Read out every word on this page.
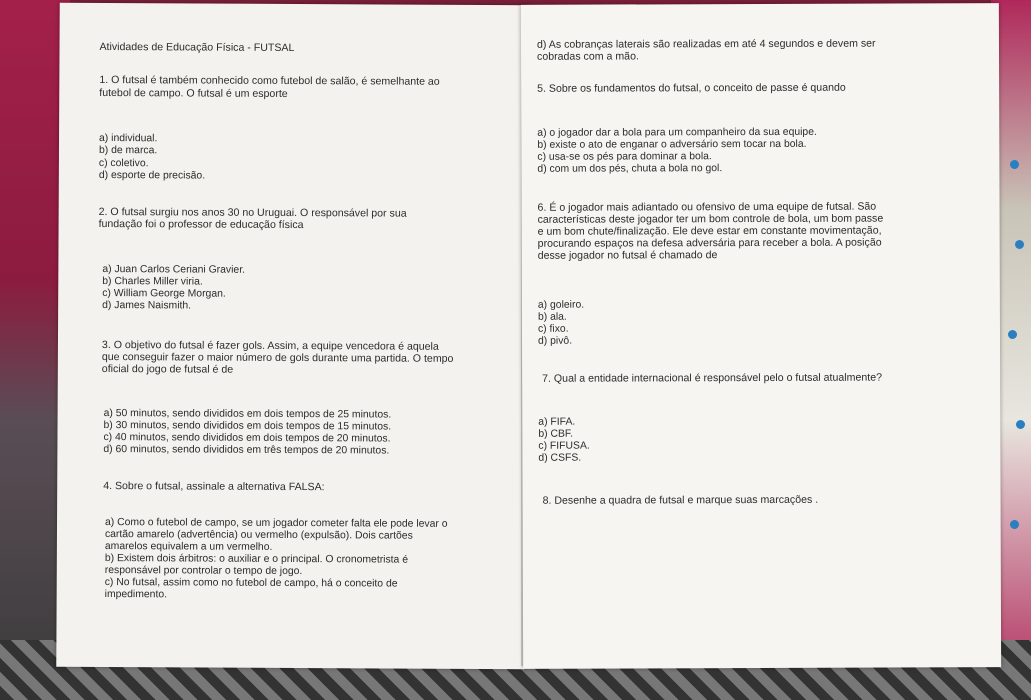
Atividades de Educação Física - FUTSAL

1. O futsal é também conhecido como futebol de salão, é semelhante ao

futebol de campo. O futsal é um esporte

a) individual.

b) de marca.

c) coletivo.

d) esporte de precisão.

2. O futsal surgiu nos anos 30 no Uruguai. O responsável por sua

fundação foi o professor de educação física

a) Juan Carlos Ceriani Gravier.

b) Charles Miller viria.

c) William George Morgan.

d) James Naismith.

3. O objetivo do futsal é fazer gols. Assim, a equipe vencedora é aquela

que conseguir fazer o maior número de gols durante uma partida. O tempo

oficial do jogo de futsal é de

a) 50 minutos, sendo divididos em dois tempos de 25 minutos.

b) 30 minutos, sendo divididos em dois tempos de 15 minutos.

c) 40 minutos, sendo divididos em dois tempos de 20 minutos.

d) 60 minutos, sendo divididos em três tempos de 20 minutos.

4. Sobre o futsal, assinale a alternativa FALSA:

a) Como o futebol de campo, se um jogador cometer falta ele pode levar o

cartão amarelo (advertência) ou vermelho (expulsão). Dois cartões

amarelos equivalem a um vermelho.

b) Existem dois árbitros: o auxiliar e o principal. O cronometrista é

responsável por controlar o tempo de jogo.

c) No futsal, assim como no futebol de campo, há o conceito de

impedimento.

d) As cobranças laterais são realizadas em até 4 segundos e devem ser

cobradas com a mão.

5. Sobre os fundamentos do futsal, o conceito de passe é quando

a) o jogador dar a bola para um companheiro da sua equipe.

b) existe o ato de enganar o adversário sem tocar na bola.

c) usa-se os pés para dominar a bola.

d) com um dos pés, chuta a bola no gol.

6. É o jogador mais adiantado ou ofensivo de uma equipe de futsal. São

características deste jogador ter um bom controle de bola, um bom passe

e um bom chute/finalização. Ele deve estar em constante movimentação,

procurando espaços na defesa adversária para receber a bola. A posição

desse jogador no futsal é chamado de

a) goleiro.

b) ala.

c) fixo.

d) pivô.

7. Qual a entidade internacional é responsável pelo o futsal atualmente?

a) FIFA.

b) CBF.

c) FIFUSA.

d) CSFS.

8. Desenhe a quadra de futsal e marque suas marcações .
